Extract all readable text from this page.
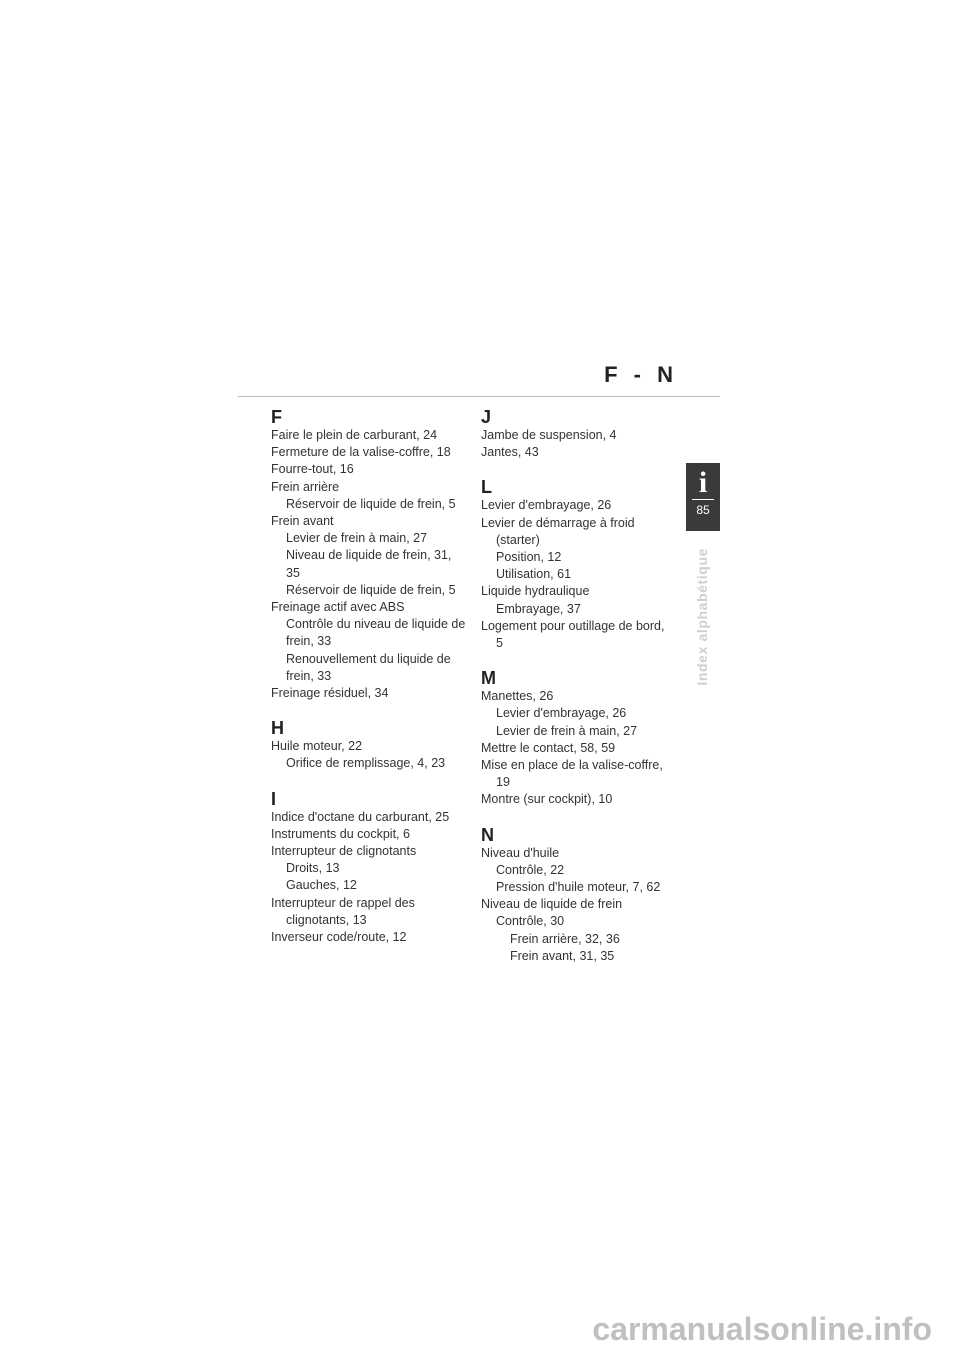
F - N
F
Faire le plein de carburant, 24
Fermeture de la valise-coffre, 18
Fourre-tout, 16
Frein arrière
Réservoir de liquide de frein, 5
Frein avant
Levier de frein à main, 27
Niveau de liquide de frein, 31,
35
Réservoir de liquide de frein, 5
Freinage actif avec ABS
Contrôle du niveau de liquide de
frein, 33
Renouvellement du liquide de
frein, 33
Freinage résiduel, 34
H
Huile moteur, 22
Orifice de remplissage, 4, 23
I
Indice d'octane du carburant, 25
Instruments du cockpit, 6
Interrupteur de clignotants
Droits, 13
Gauches, 12
Interrupteur de rappel des
clignotants, 13
Inverseur code/route, 12
J
Jambe de suspension, 4
Jantes, 43
L
Levier d'embrayage, 26
Levier de démarrage à froid
(starter)
Position, 12
Utilisation, 61
Liquide hydraulique
Embrayage, 37
Logement pour outillage de bord,
5
M
Manettes, 26
Levier d'embrayage, 26
Levier de frein à main, 27
Mettre le contact, 58, 59
Mise en place de la valise-coffre,
19
Montre (sur cockpit), 10
N
Niveau d'huile
Contrôle, 22
Pression d'huile moteur, 7, 62
Niveau de liquide de frein
Contrôle, 30
Frein arrière, 32, 36
Frein avant, 31, 35
i
85
Index alphabétique
carmanualsonline.info
